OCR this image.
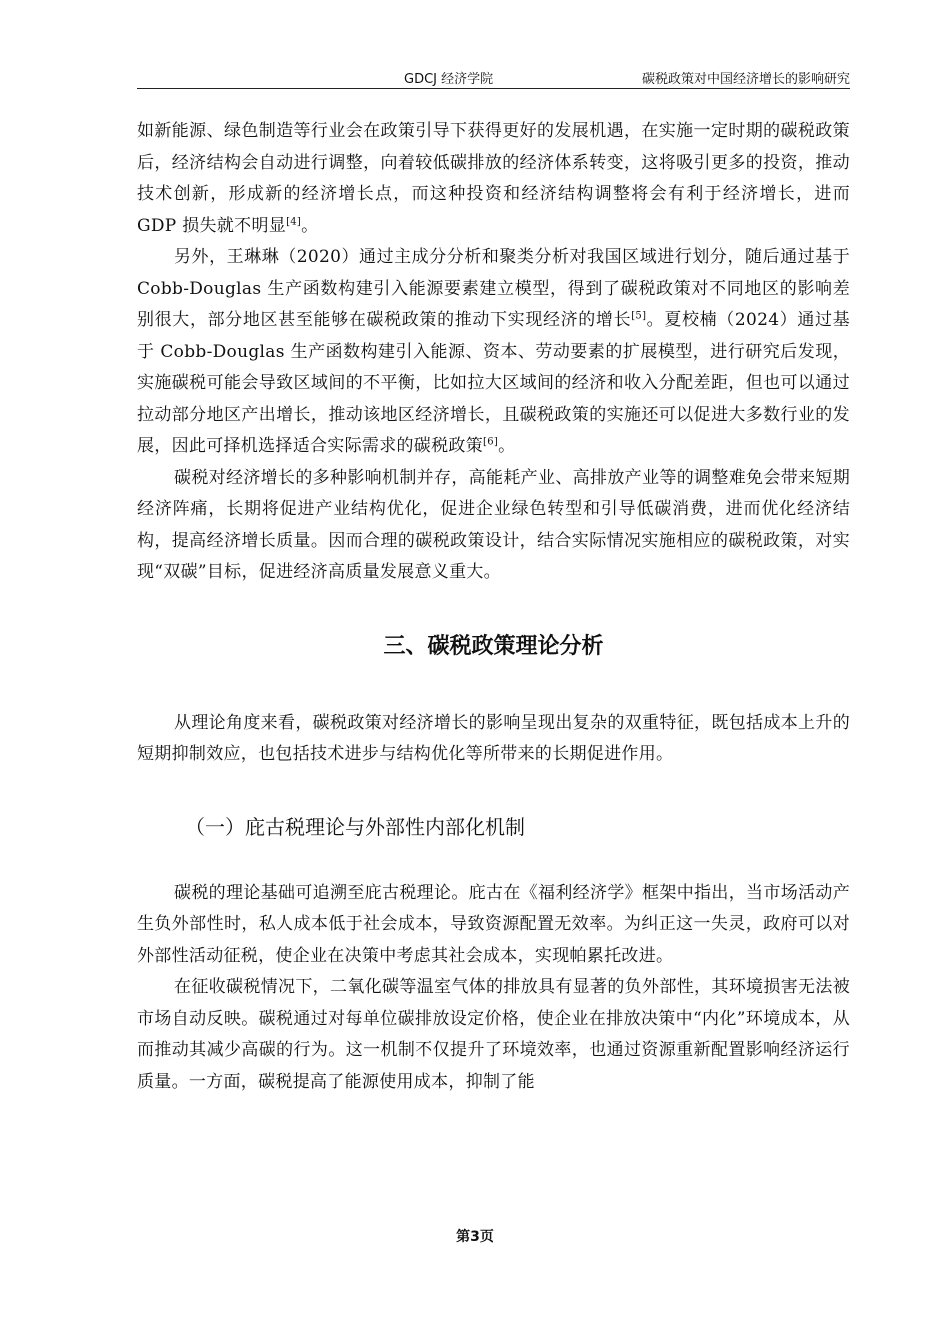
GDCJ 经济学院	碳税政策对中国经济增长的影响研究

如新能源、绿色制造等行业会在政策引导下获得更好的发展机遇，在实施一定时期的碳税政策后，经济结构会自动进行调整，向着较低碳排放的经济体系转变，这将吸引更多的投资，推动技术创新，形成新的经济增长点，而这种投资和经济结构调整将会有利于经济增长，进而 GDP 损失就不明显[4]。

另外，王琳琳（2020）通过主成分分析和聚类分析对我国区域进行划分，随后通过基于 Cobb-Douglas 生产函数构建引入能源要素建立模型，得到了碳税政策对不同地区的影响差别很大，部分地区甚至能够在碳税政策的推动下实现经济的增长[5]。夏校楠（2024）通过基于 Cobb-Douglas 生产函数构建引入能源、资本、劳动要素的扩展模型，进行研究后发现，实施碳税可能会导致区域间的不平衡，比如拉大区域间的经济和收入分配差距，但也可以通过拉动部分地区产出增长，推动该地区经济增长，且碳税政策的实施还可以促进大多数行业的发展，因此可择机选择适合实际需求的碳税政策[6]。

碳税对经济增长的多种影响机制并存，高能耗产业、高排放产业等的调整难免会带来短期经济阵痛，长期将促进产业结构优化，促进企业绿色转型和引导低碳消费，进而优化经济结构，提高经济增长质量。因而合理的碳税政策设计，结合实际情况实施相应的碳税政策，对实现“双碳”目标，促进经济高质量发展意义重大。

三、碳税政策理论分析

从理论角度来看，碳税政策对经济增长的影响呈现出复杂的双重特征，既包括成本上升的短期抑制效应，也包括技术进步与结构优化等所带来的长期促进作用。

（一）庇古税理论与外部性内部化机制

碳税的理论基础可追溯至庇古税理论。庇古在《福利经济学》框架中指出，当市场活动产生负外部性时，私人成本低于社会成本，导致资源配置无效率。为纠正这一失灵，政府可以对外部性活动征税，使企业在决策中考虑其社会成本，实现帕累托改进。

在征收碳税情况下，二氧化碳等温室气体的排放具有显著的负外部性，其环境损害无法被市场自动反映。碳税通过对每单位碳排放设定价格，使企业在排放决策中“内化”环境成本，从而推动其减少高碳的行为。这一机制不仅提升了环境效率，也通过资源重新配置影响经济运行质量。一方面，碳税提高了能源使用成本，抑制了能

第3页
